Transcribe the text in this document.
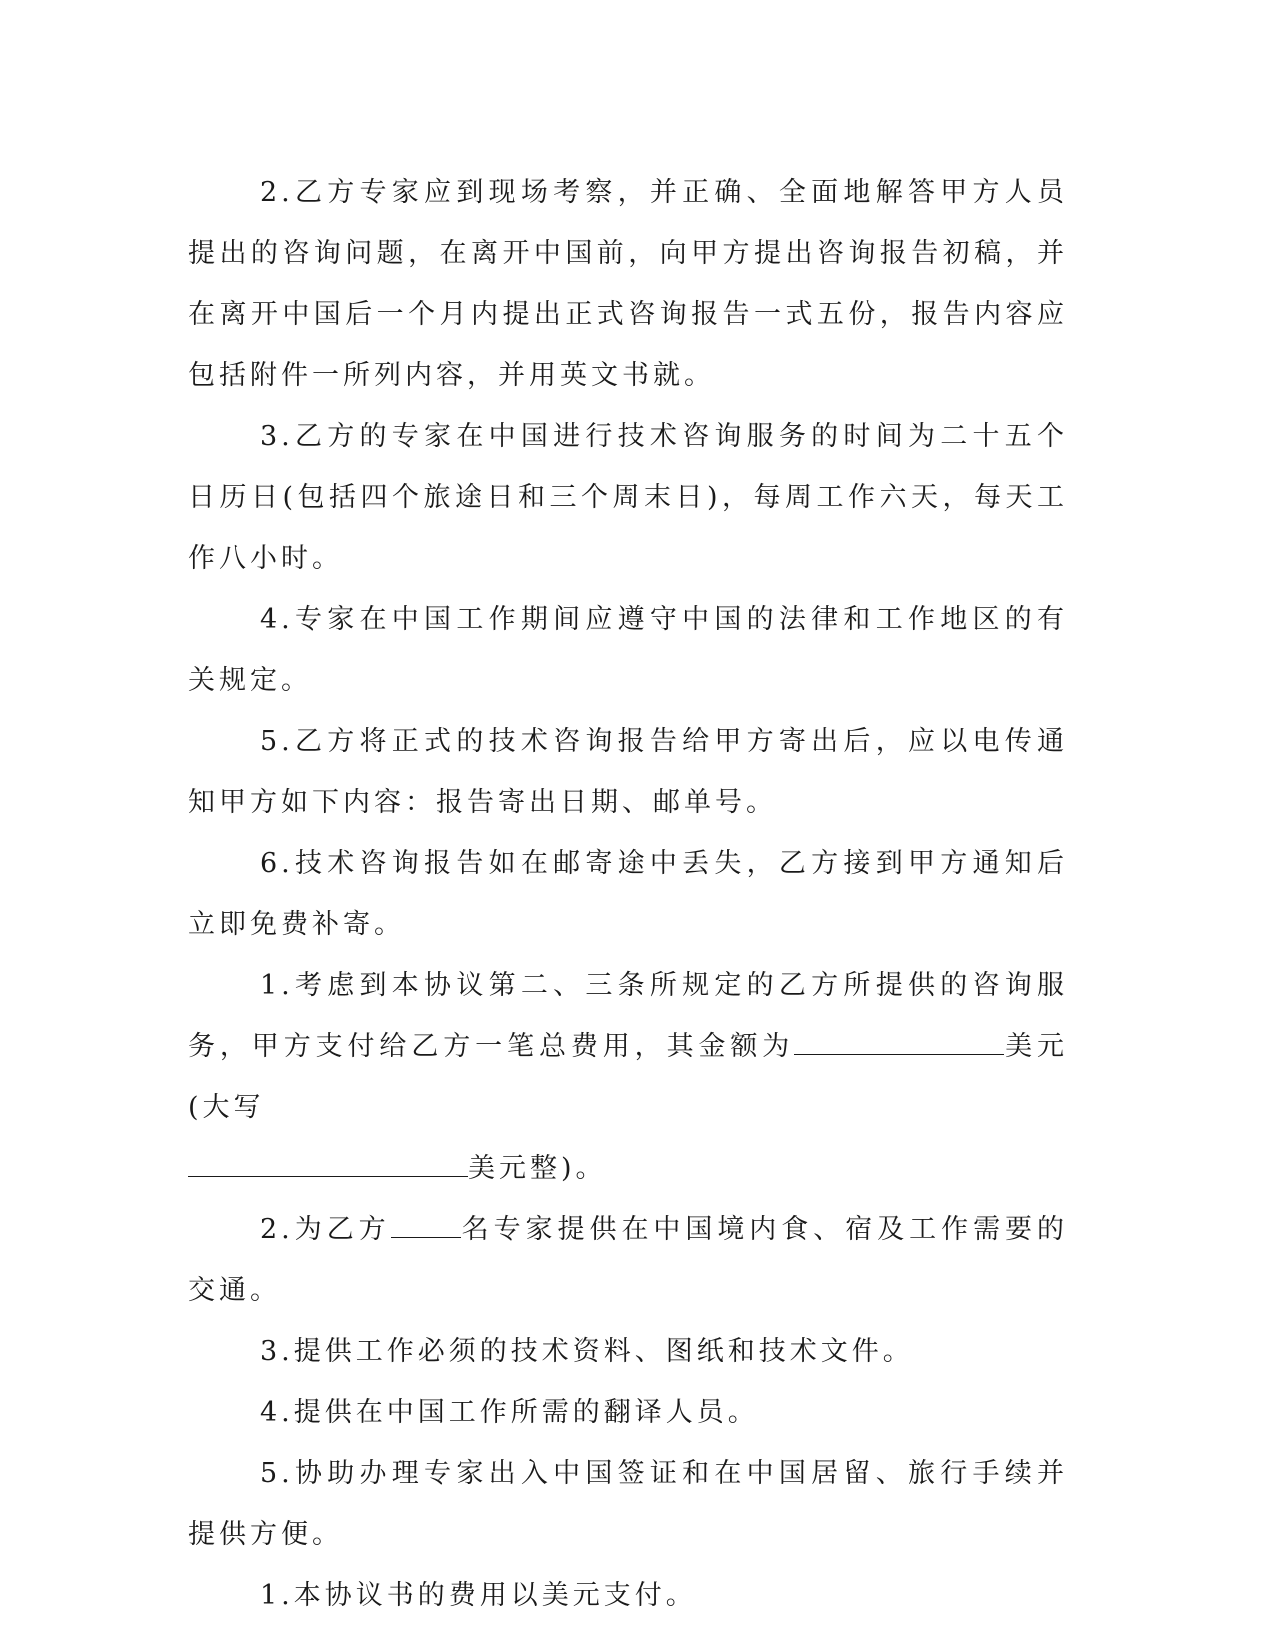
2.乙方专家应到现场考察，并正确、全面地解答甲方人员提出的咨询问题，在离开中国前，向甲方提出咨询报告初稿，并在离开中国后一个月内提出正式咨询报告一式五份，报告内容应包括附件一所列内容，并用英文书就。

3.乙方的专家在中国进行技术咨询服务的时间为二十五个日历日(包括四个旅途日和三个周末日)，每周工作六天，每天工作八小时。

4.专家在中国工作期间应遵守中国的法律和工作地区的有关规定。

5.乙方将正式的技术咨询报告给甲方寄出后，应以电传通知甲方如下内容：报告寄出日期、邮单号。

6.技术咨询报告如在邮寄途中丢失，乙方接到甲方通知后立即免费补寄。

1.考虑到本协议第二、三条所规定的乙方所提供的咨询服务，甲方支付给乙方一笔总费用，其金额为	美元(大写
美元整)。

2.为乙方	名专家提供在中国境内食、宿及工作需要的交通。

3.提供工作必须的技术资料、图纸和技术文件。

4.提供在中国工作所需的翻译人员。

5.协助办理专家出入中国签证和在中国居留、旅行手续并提供方便。

1.本协议书的费用以美元支付。
